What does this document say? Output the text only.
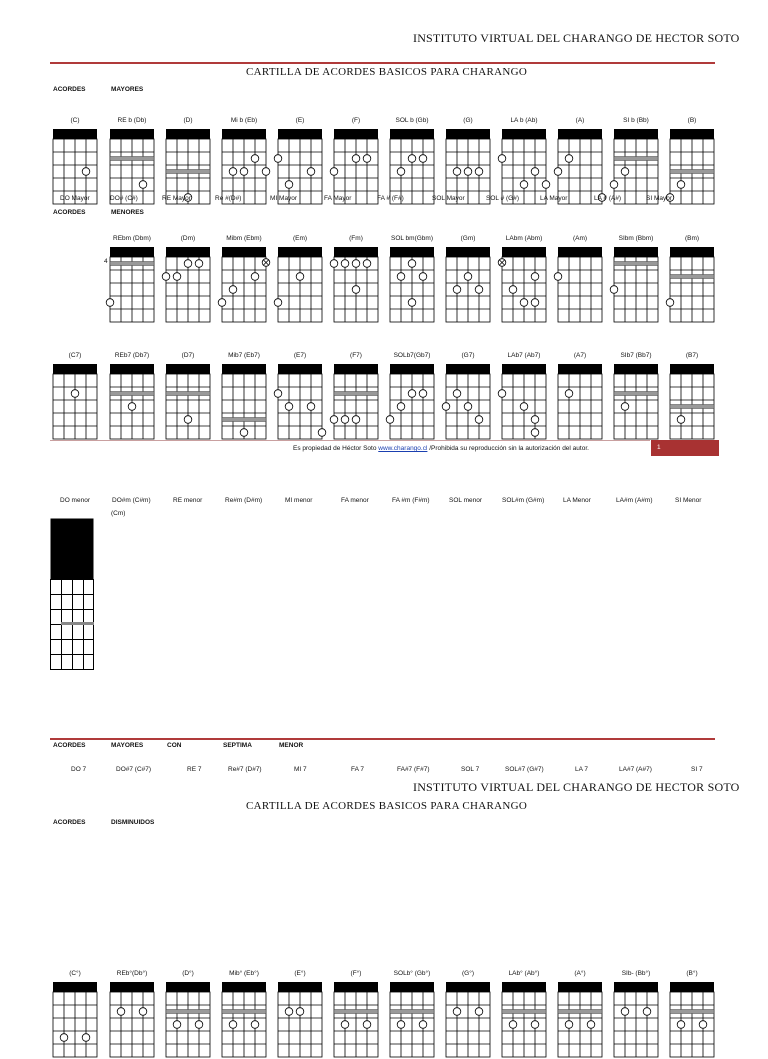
INSTITUTO VIRTUAL DEL CHARANGO DE HECTOR SOTO
CARTILLA DE ACORDES BASICOS PARA CHARANGO
ACORDES	MAYORES
(C)	RE b (Db)	(D)	Mi b (Eb)	(E)	(F)	SOL b (Gb)	(G)	LA b (Ab)	(A)	SI b (Bb)	(B)
DO Mayor	DO# (C#)	RE Mayor	Re #(D#)	MI Mayor	FA Mayor	FA # (F#)	SOL Mayor	SOL # (G#)	LA Mayor	LA # (A#)	SI Mayor
ACORDES	MENORES
4
REbm (Dbm)	(Dm)	Mibm (Ebm)	(Em)	(Fm)	SOL bm(Gbm)	(Gm)	LAbm (Abm)	(Am)	SIbm (Bbm)	(Bm)
(C7)	REb7 (Db7)	(D7)	Mib7 (Eb7)	(E7)	(F7)	SOLb7(Gb7)	(G7)	LAb7 (Ab7)	(A7)	SIb7 (Bb7)	(B7)
Es propiedad de Héctor Soto www.charango.cl /Prohibida su reproducción sin la autorización del autor.	1
DO menor	DO#m (C#m)	RE menor	Re#m (D#m)	MI menor	FA menor	FA #m (F#m)	SOL menor	SOL#m (G#m)	LA Menor	LA#m (A#m)	SI Menor
(Cm)
ACORDES	MAYORES	CON	SEPTIMA	MENOR
DO 7	DO#7 (C#7)	RE 7	Re#7 (D#7)	MI 7	FA 7	FA#7 (F#7)	SOL 7	SOL#7 (G#7)	LA 7	LA#7 (A#7)	SI 7
INSTITUTO VIRTUAL DEL CHARANGO DE HECTOR SOTO
CARTILLA DE ACORDES BASICOS PARA CHARANGO
ACORDES	DISMINUIDOS
(C°)	REb°(Db°)	(D°)	Mib° (Eb°)	(E°)	(F°)	SOLb° (Gb°)	(G°)	LAb° (Ab°)	(A°)	SIb- (Bb°)	(B°)
